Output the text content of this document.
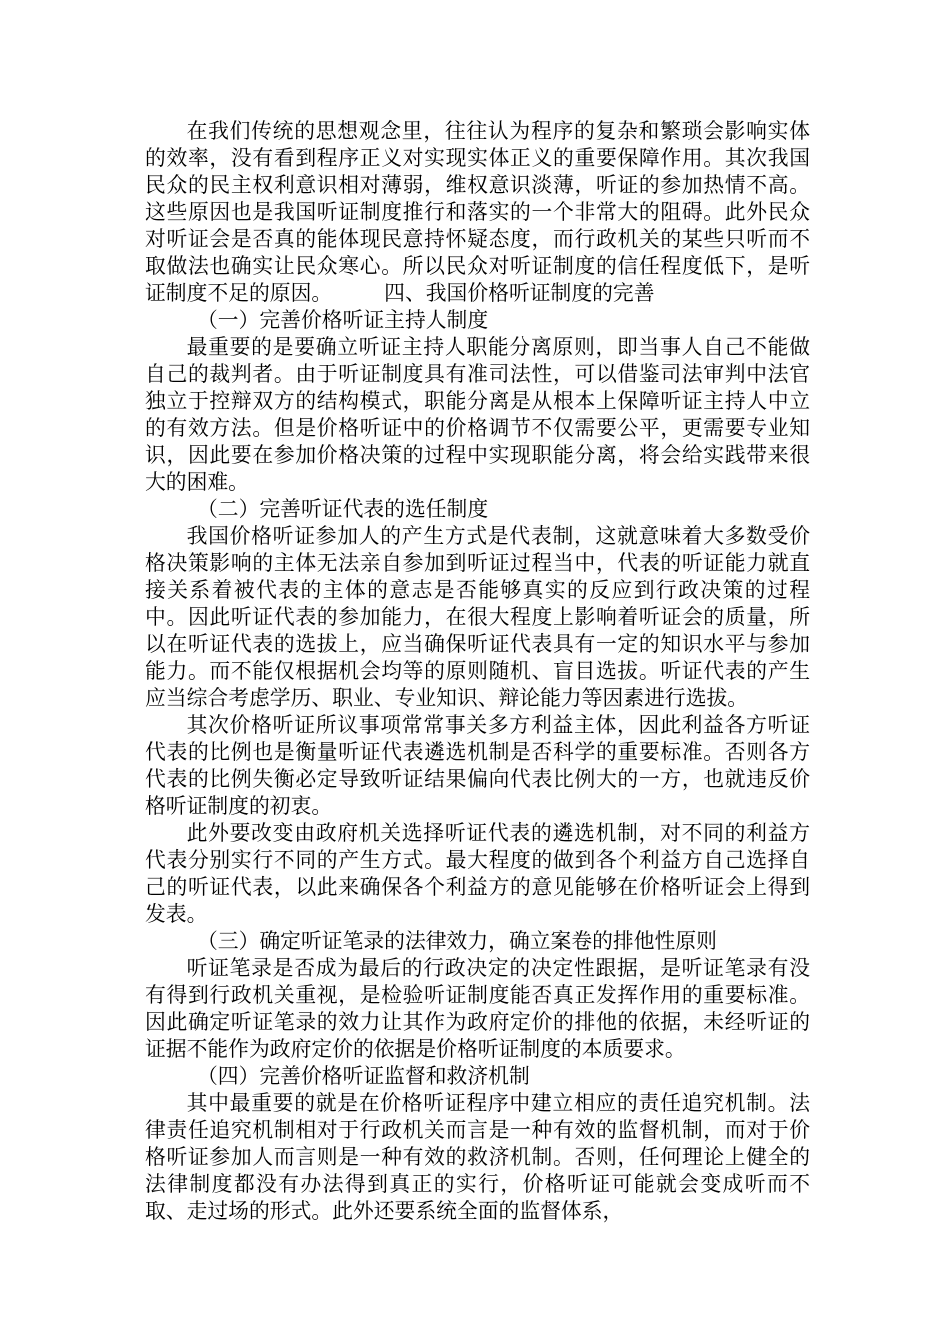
在我们传统的思想观念里，往往认为程序的复杂和繁琐会影响实体的效率，没有看到程序正义对实现实体正义的重要保障作用。其次我国民众的民主权利意识相对薄弱，维权意识淡薄，听证的参加热情不高。这些原因也是我国听证制度推行和落实的一个非常大的阻碍。此外民众对听证会是否真的能体现民意持怀疑态度，而行政机关的某些只听而不取做法也确实让民众寒心。所以民众对听证制度的信任程度低下，是听证制度不足的原因。　　　四、我国价格听证制度的完善

（一）完善价格听证主持人制度

最重要的是要确立听证主持人职能分离原则，即当事人自己不能做自己的裁判者。由于听证制度具有准司法性，可以借鉴司法审判中法官独立于控辩双方的结构模式，职能分离是从根本上保障听证主持人中立的有效方法。但是价格听证中的价格调节不仅需要公平，更需要专业知识，因此要在参加价格决策的过程中实现职能分离，将会给实践带来很大的困难。

（二）完善听证代表的选任制度

我国价格听证参加人的产生方式是代表制，这就意味着大多数受价格决策影响的主体无法亲自参加到听证过程当中，代表的听证能力就直接关系着被代表的主体的意志是否能够真实的反应到行政决策的过程中。因此听证代表的参加能力，在很大程度上影响着听证会的质量，所以在听证代表的选拔上，应当确保听证代表具有一定的知识水平与参加能力。而不能仅根据机会均等的原则随机、盲目选拔。听证代表的产生应当综合考虑学历、职业、专业知识、辩论能力等因素进行选拔。

其次价格听证所议事项常常事关多方利益主体，因此利益各方听证代表的比例也是衡量听证代表遴选机制是否科学的重要标准。否则各方代表的比例失衡必定导致听证结果偏向代表比例大的一方，也就违反价格听证制度的初衷。

此外要改变由政府机关选择听证代表的遴选机制，对不同的利益方代表分别实行不同的产生方式。最大程度的做到各个利益方自己选择自己的听证代表，以此来确保各个利益方的意见能够在价格听证会上得到发表。

（三）确定听证笔录的法律效力，确立案卷的排他性原则

听证笔录是否成为最后的行政决定的决定性跟据，是听证笔录有没有得到行政机关重视，是检验听证制度能否真正发挥作用的重要标准。因此确定听证笔录的效力让其作为政府定价的排他的依据，未经听证的证据不能作为政府定价的依据是价格听证制度的本质要求。

（四）完善价格听证监督和救济机制

其中最重要的就是在价格听证程序中建立相应的责任追究机制。法律责任追究机制相对于行政机关而言是一种有效的监督机制，而对于价格听证参加人而言则是一种有效的救济机制。否则，任何理论上健全的法律制度都没有办法得到真正的实行，价格听证可能就会变成听而不取、走过场的形式。此外还要系统全面的监督体系，
